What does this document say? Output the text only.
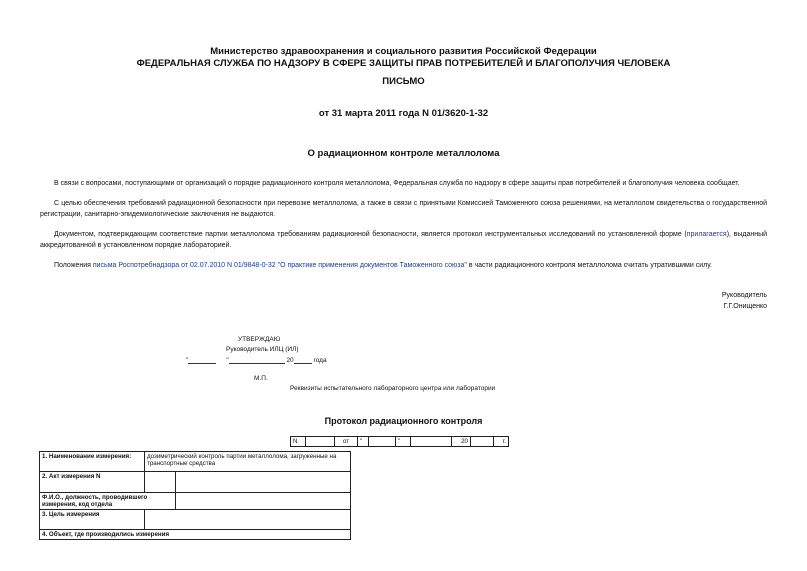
Министерство здравоохранения и социального развития Российской Федерации
ФЕДЕРАЛЬНАЯ СЛУЖБА ПО НАДЗОРУ В СФЕРЕ ЗАЩИТЫ ПРАВ ПОТРЕБИТЕЛЕЙ И БЛАГОПОЛУЧИЯ ЧЕЛОВЕКА
ПИСЬМО
от 31 марта 2011 года N 01/3620-1-32
О радиационном контроле металлолома

В связи с вопросами, поступающими от организаций о порядке радиационного контроля металлолома, Федеральная служба по надзору в сфере защиты прав потребителей и благополучия человека сообщает.

С целью обеспечения требований радиационной безопасности при перевозке металлолома, а также в связи с принятыми Комиссией Таможенного союза решениями, на металлолом свидетельства о государственной регистрации, санитарно-эпидемиологические заключения не выдаются.

Документом, подтверждающим соответствие партии металлолома требованиям радиационной безопасности, является протокол инструментальных исследований по установленной форме (прилагается), выданный аккредитованной в установленном порядке лабораторией.

Положения письма Роспотребнадзора от 02.07.2010 N 01/9848-0-32 "О практике применения документов Таможенного союза" в части радиационного контроля металлолома считать утратившими силу.

Руководитель
Г.Г.Онищенко
УТВЕРЖДАЮ
Руководитель ИЛЦ (ИЛ)
"	"	20	года
М.П.
Реквизиты испытательного лабораторного центра или лаборатории
Протокол радиационного контроля
N		от	"		"		20		г.
1. Наименование измерения:	дозиметрический контроль партии металлолома, загруженные на транспортные средства	
2. Акт измерения N		
Ф.И.О., должность, проводившего измерения, код отдела		
3. Цель измерения		
4. Объект, где производились измерения		
